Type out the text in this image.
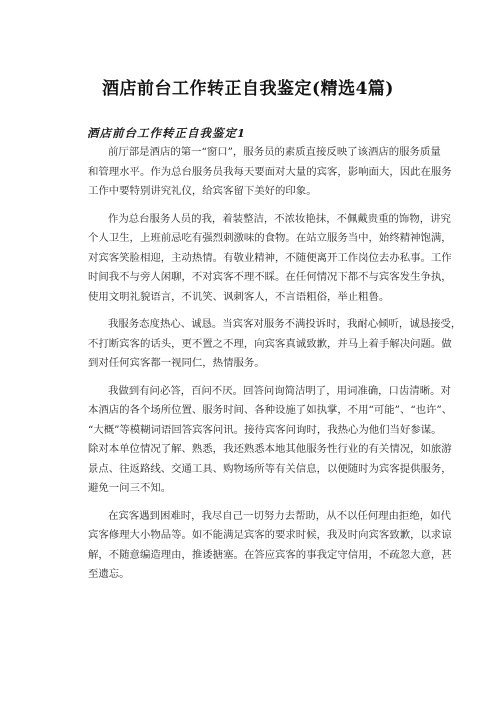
酒店前台工作转正自我鉴定(精选4篇)
酒店前台工作转正自我鉴定1
前厅部是酒店的第一“窗口”，服务员的素质直接反映了该酒店的服务质量
和管理水平。作为总台服务员我每天要面对大量的宾客，影响面大，因此在服务
工作中要特别讲究礼仪，给宾客留下美好的印象。
作为总台服务人员的我，着装整洁，不浓妆艳抹，不佩戴贵重的饰物，讲究
个人卫生，上班前忌吃有强烈刺激味的食物。在站立服务当中，始终精神饱满，
对宾客笑脸相迎，主动热情。有敬业精神，不随便离开工作岗位去办私事。工作
时间我不与旁人闲聊，不对宾客不理不睬。在任何情况下都不与宾客发生争执，
使用文明礼貌语言，不讥笑、讽刺客人，不言语粗俗，举止粗鲁。
我服务态度热心、诚恳。当宾客对服务不满投诉时，我耐心倾听，诚恳接受，
不打断宾客的话头，更不置之不理，向宾客真诚致歉，并马上着手解决问题。做
到对任何宾客都一视同仁，热情服务。
我做到有问必答，百问不厌。回答问询简洁明了，用词准确，口齿清晰。对
本酒店的各个场所位置、服务时间、各种设施了如执掌，不用“可能”、“也许”、
“大概”等模糊词语回答宾客问讯。接待宾客问询时，我热心为他们当好参谋。
除对本单位情况了解、熟悉，我还熟悉本地其他服务性行业的有关情况，如旅游
景点、往返路线、交通工具、购物场所等有关信息，以便随时为宾客提供服务，
避免一问三不知。
在宾客遇到困难时，我尽自己一切努力去帮助，从不以任何理由拒绝，如代
宾客修理大小物品等。如不能满足宾客的要求时候，我及时向宾客致歉，以求谅
解，不随意编造理由，推诿搪塞。在答应宾客的事我定守信用，不疏忽大意，甚
至遗忘。
